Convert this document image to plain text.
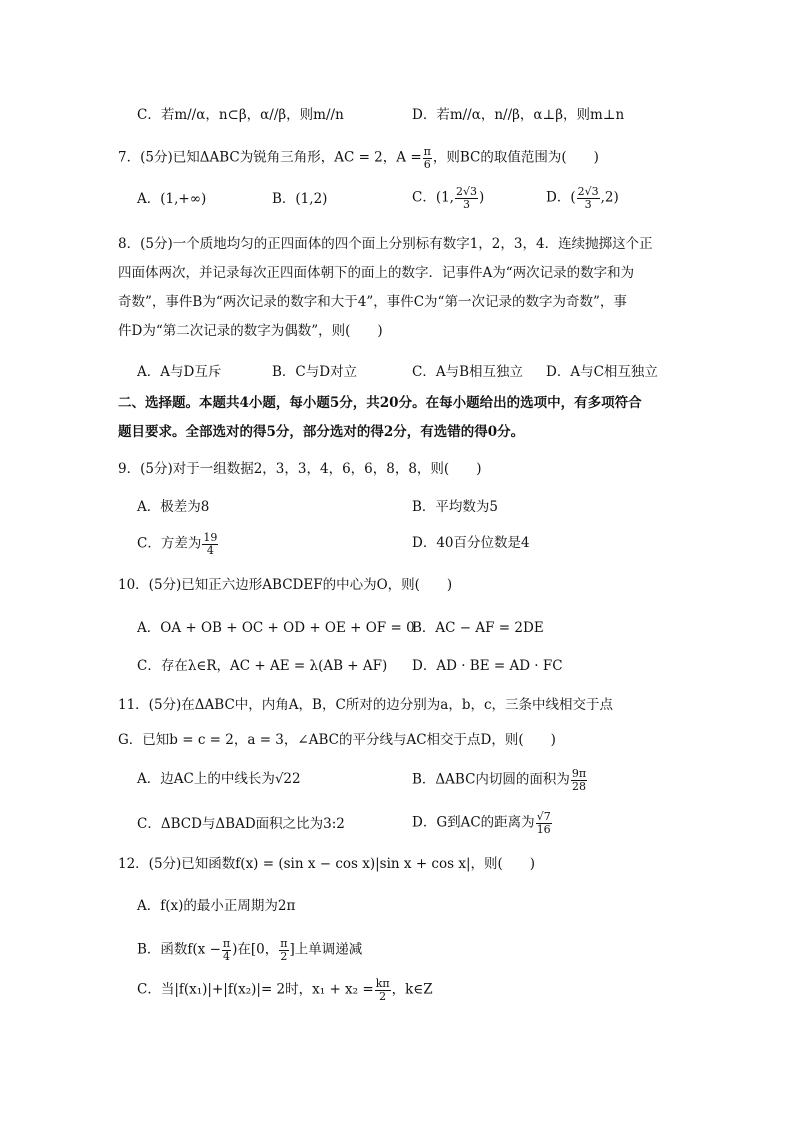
C．若m//α，n⊂β，α//β，则m//n	D．若m//α，n//β，α⊥β，则m⊥n
7．(5分)已知ΔABC为锐角三角形，AC = 2，$A = \frac{\pi}{6}$ ，则BC的取值范围为(　　)
A．(1,+∞)	B．(1,2)	C．(1, $\frac{2√3}{3}$ )	D．( $\frac{2√3}{3} ,2$)
8．(5分)一个质地均匀的正四面体的四个面上分别标有数字1，2，3，4．连续抛掷这个正
四面体两次，并记录每次正四面体朝下的面上的数字．记事件A为“两次记录的数字和为
奇数”，事件B为“两次记录的数字和大于4”，事件C为“第一次记录的数字为奇数”，事
件D为“第二次记录的数字为偶数”，则(　　)
A．A与D互斥	B．C与D对立	C．A与B相互独立 D．A与C相互独立
二、选择题。本题共4小题，每小题5分，共20分。在每小题给出的选项中，有多项符合
题目要求。全部选对的得5分，部分选对的得2分，有选错的得0分。
9．(5分)对于一组数据2，3，3，4，6，6，8，8，则(　　)
A．极差为8	B．平均数为5
C．方差为 $\frac{19}{4}$	D．40百分位数是4
10．(5分)已知正六边形ABCDEF的中心为O，则(　　)
A．OA + OB + OC + OD + OE + OF = 0
B．AC − AF = 2DE
C．存在λ∈R，AC + AE = λ(AB + AF) D．AD · BE = AD · FC
11．(5分)在ΔABC中，内角A，B，C所对的边分别为a，b，c，三条中线相交于点
G．已知b = c = 2，a = 3，∠ABC的平分线与AC相交于点D，则(　　)
A．边AC上的中线长为√22	B．ΔABC内切圆的面积为 $\frac{9\pi}{28}$
C．ΔBCD与ΔBAD面积之比为3:2	D．G到AC的距离为 $\frac{√7}{16}$
12．(5分)已知函数f(x) = (sin x − cos x)|sin x + cos x|，则(　　)
A．f(x)的最小正周期为2π
B．函数$f(x - \frac{\pi}{4}$ )在[0， $\frac{\pi}{2}$ ]上单调递减
C．当|f(x₁)|+|f(x₂)|= 2时，$x_1 + x_2 = \frac{k\pi}{2}$ ，k∈Z
